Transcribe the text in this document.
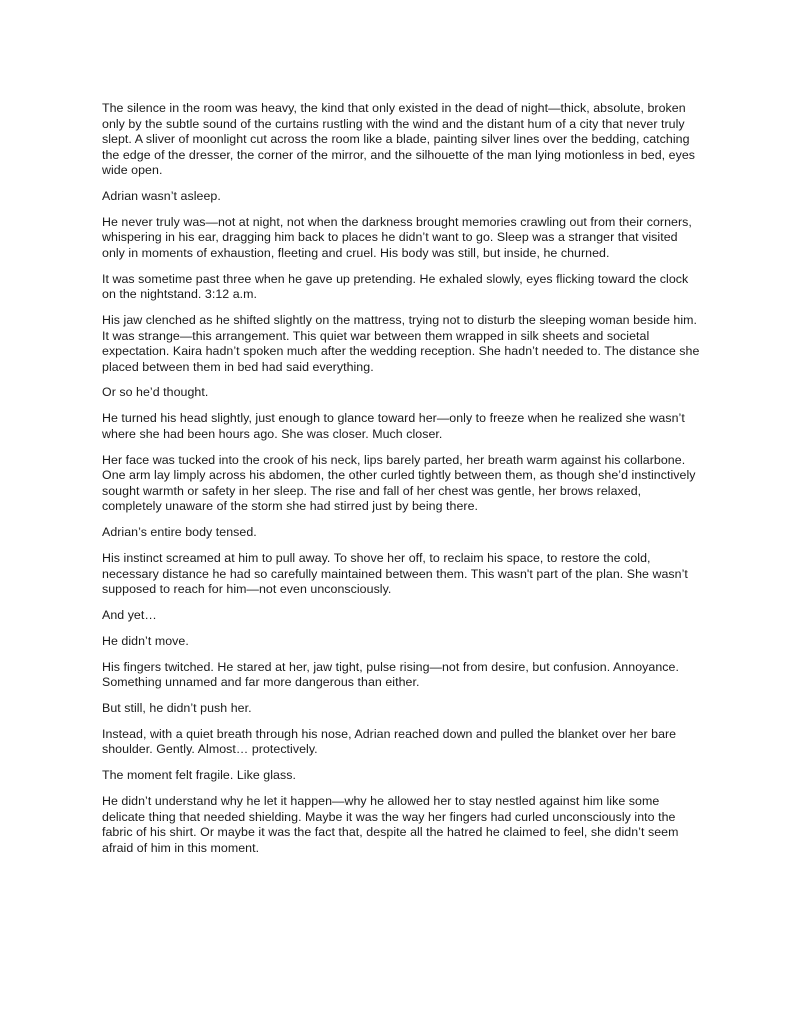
The silence in the room was heavy, the kind that only existed in the dead of night—thick, absolute, broken only by the subtle sound of the curtains rustling with the wind and the distant hum of a city that never truly slept. A sliver of moonlight cut across the room like a blade, painting silver lines over the bedding, catching the edge of the dresser, the corner of the mirror, and the silhouette of the man lying motionless in bed, eyes wide open.

Adrian wasn’t asleep.

He never truly was—not at night, not when the darkness brought memories crawling out from their corners, whispering in his ear, dragging him back to places he didn’t want to go. Sleep was a stranger that visited only in moments of exhaustion, fleeting and cruel. His body was still, but inside, he churned.

It was sometime past three when he gave up pretending. He exhaled slowly, eyes flicking toward the clock on the nightstand. 3:12 a.m.

His jaw clenched as he shifted slightly on the mattress, trying not to disturb the sleeping woman beside him. It was strange—this arrangement. This quiet war between them wrapped in silk sheets and societal expectation. Kaira hadn’t spoken much after the wedding reception. She hadn’t needed to. The distance she placed between them in bed had said everything.

Or so he’d thought.

He turned his head slightly, just enough to glance toward her—only to freeze when he realized she wasn’t where she had been hours ago. She was closer. Much closer.

Her face was tucked into the crook of his neck, lips barely parted, her breath warm against his collarbone. One arm lay limply across his abdomen, the other curled tightly between them, as though she’d instinctively sought warmth or safety in her sleep. The rise and fall of her chest was gentle, her brows relaxed, completely unaware of the storm she had stirred just by being there.

Adrian’s entire body tensed.

His instinct screamed at him to pull away. To shove her off, to reclaim his space, to restore the cold, necessary distance he had so carefully maintained between them. This wasn't part of the plan. She wasn’t supposed to reach for him—not even unconsciously.

And yet…

He didn’t move.

His fingers twitched. He stared at her, jaw tight, pulse rising—not from desire, but confusion. Annoyance. Something unnamed and far more dangerous than either.

But still, he didn’t push her.

Instead, with a quiet breath through his nose, Adrian reached down and pulled the blanket over her bare shoulder. Gently. Almost… protectively.

The moment felt fragile. Like glass.

He didn’t understand why he let it happen—why he allowed her to stay nestled against him like some delicate thing that needed shielding. Maybe it was the way her fingers had curled unconsciously into the fabric of his shirt. Or maybe it was the fact that, despite all the hatred he claimed to feel, she didn’t seem afraid of him in this moment.
